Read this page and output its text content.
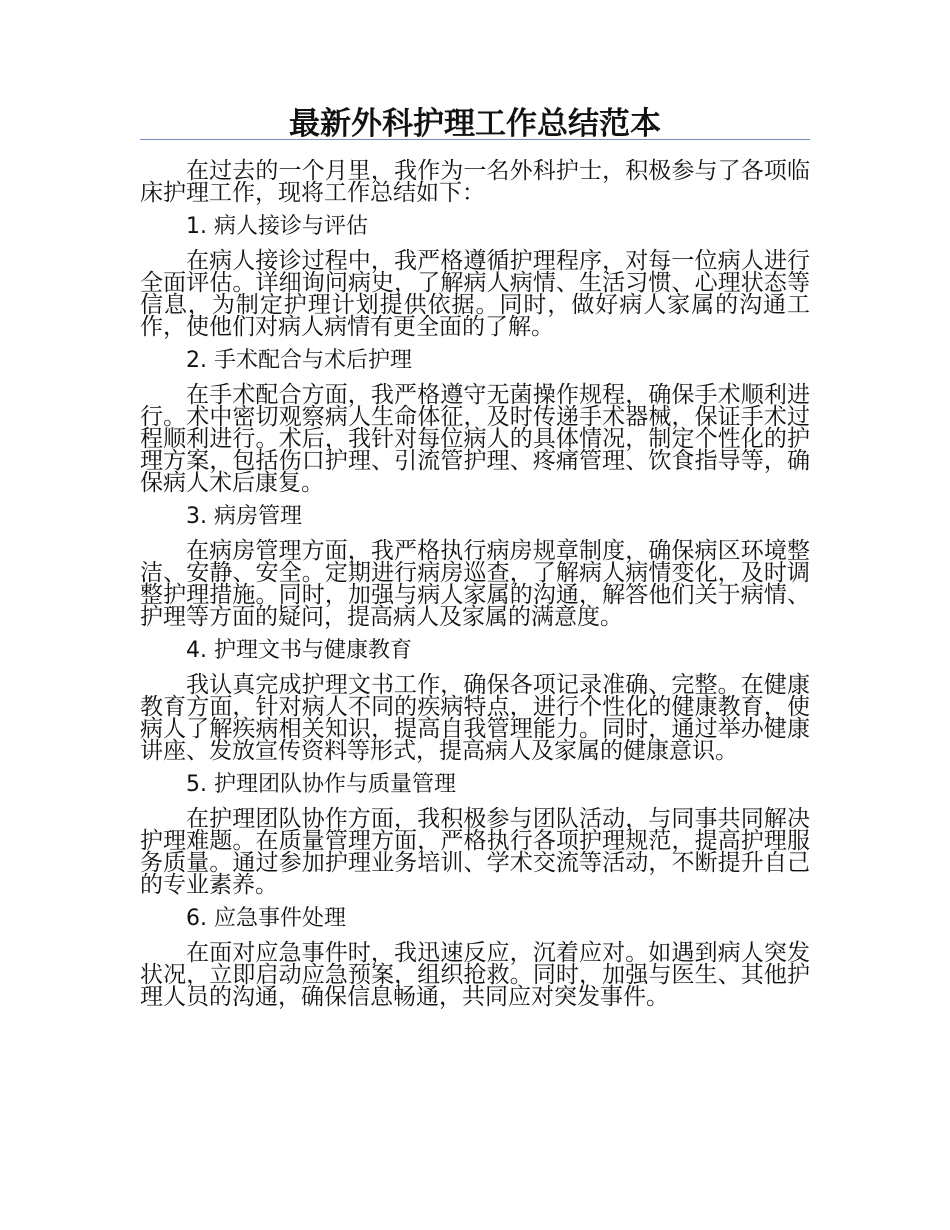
最新外科护理工作总结范本

在过去的一个月里，我作为一名外科护士，积极参与了各项临床护理工作，现将工作总结如下：

1. 病人接诊与评估

在病人接诊过程中，我严格遵循护理程序，对每一位病人进行全面评估。详细询问病史，了解病人病情、生活习惯、心理状态等信息，为制定护理计划提供依据。同时，做好病人家属的沟通工作，使他们对病人病情有更全面的了解。

2. 手术配合与术后护理

在手术配合方面，我严格遵守无菌操作规程，确保手术顺利进行。术中密切观察病人生命体征，及时传递手术器械，保证手术过程顺利进行。术后，我针对每位病人的具体情况，制定个性化的护理方案，包括伤口护理、引流管护理、疼痛管理、饮食指导等，确保病人术后康复。

3. 病房管理

在病房管理方面，我严格执行病房规章制度，确保病区环境整洁、安静、安全。定期进行病房巡查，了解病人病情变化，及时调整护理措施。同时，加强与病人家属的沟通，解答他们关于病情、护理等方面的疑问，提高病人及家属的满意度。

4. 护理文书与健康教育

我认真完成护理文书工作，确保各项记录准确、完整。在健康教育方面，针对病人不同的疾病特点，进行个性化的健康教育，使病人了解疾病相关知识，提高自我管理能力。同时，通过举办健康讲座、发放宣传资料等形式，提高病人及家属的健康意识。

5. 护理团队协作与质量管理

在护理团队协作方面，我积极参与团队活动，与同事共同解决护理难题。在质量管理方面，严格执行各项护理规范，提高护理服务质量。通过参加护理业务培训、学术交流等活动，不断提升自己的专业素养。

6. 应急事件处理

在面对应急事件时，我迅速反应，沉着应对。如遇到病人突发状况，立即启动应急预案，组织抢救。同时，加强与医生、其他护理人员的沟通，确保信息畅通，共同应对突发事件。
